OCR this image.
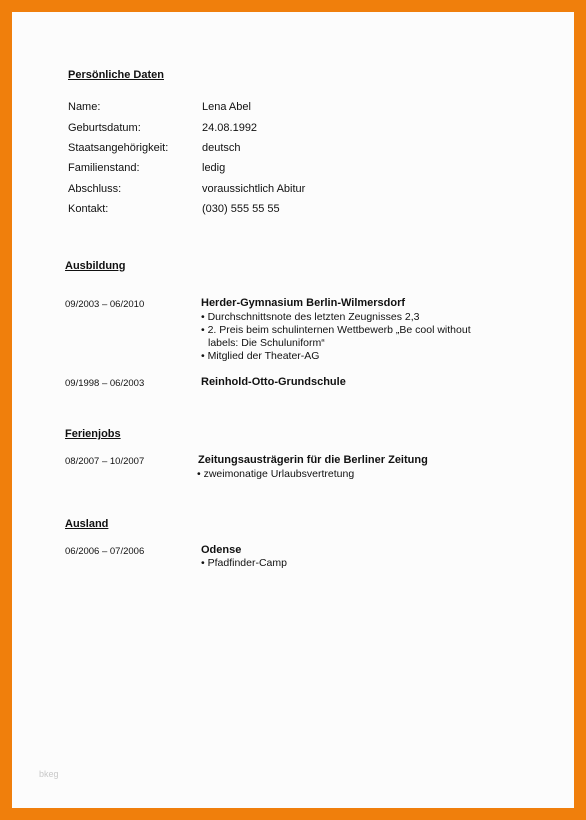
Persönliche Daten
Name:	Lena Abel
Geburtsdatum:	24.08.1992
Staatsangehörigkeit:	deutsch
Familienstand:	ledig
Abschluss:	voraussichtlich Abitur
Kontakt:	(030) 555 55 55
Ausbildung
09/2003 – 06/2010	Herder-Gymnasium Berlin-Wilmersdorf
• Durchschnittsnote des letzten Zeugnisses 2,3
• 2. Preis beim schulinternen Wettbewerb „Be cool without
labels: Die Schuluniform“
• Mitglied der Theater-AG
09/1998 – 06/2003	Reinhold-Otto-Grundschule
Ferienjobs
08/2007 – 10/2007	Zeitungsausträgerin für die Berliner Zeitung
• zweimonatige Urlaubsvertretung
Ausland
06/2006 – 07/2006	Odense
• Pfadfinder-Camp
bkeg
